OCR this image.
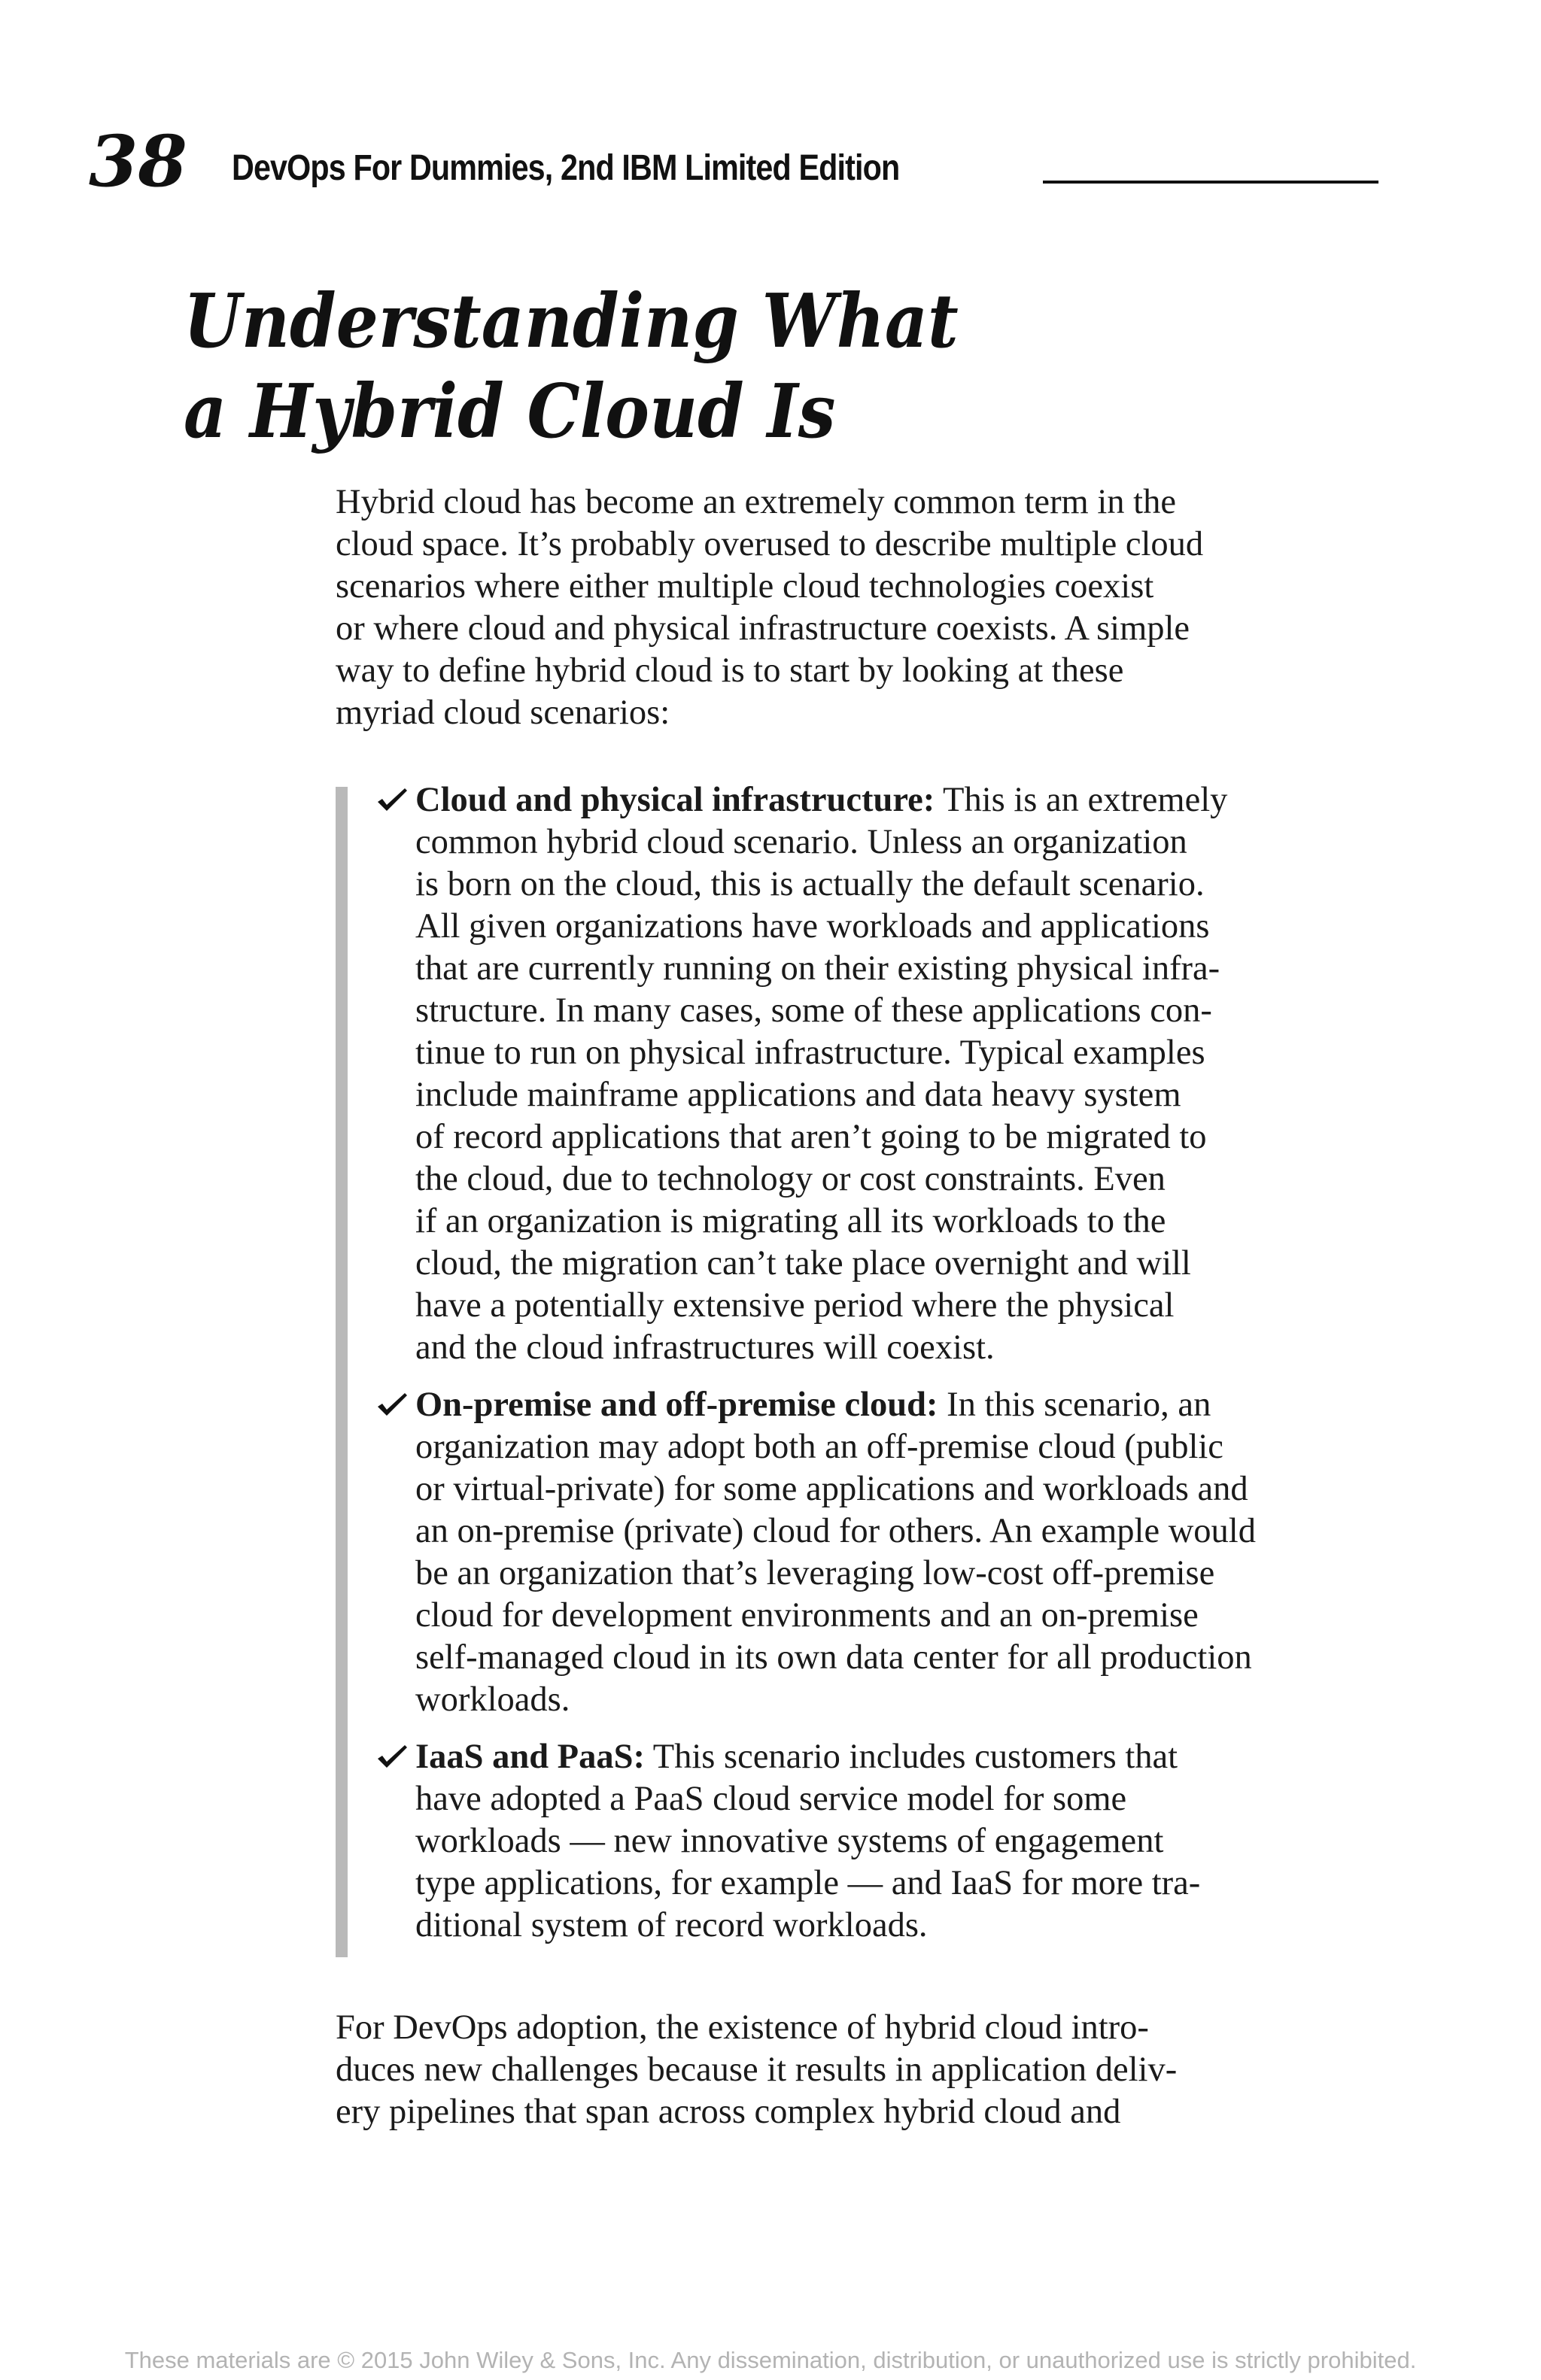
38 DevOps For Dummies, 2nd IBM Limited Edition
Understanding What
a Hybrid Cloud Is
Hybrid cloud has become an extremely common term in the
cloud space. It’s probably overused to describe multiple cloud
scenarios where either multiple cloud technologies coexist
or where cloud and physical infrastructure coexists. A simple
way to define hybrid cloud is to start by looking at these
myriad cloud scenarios:
Cloud and physical infrastructure: This is an extremely
common hybrid cloud scenario. Unless an organization
is born on the cloud, this is actually the default scenario.
All given organizations have workloads and applications
that are currently running on their existing physical infra-
structure. In many cases, some of these applications con-
tinue to run on physical infrastructure. Typical examples
include mainframe applications and data heavy system
of record applications that aren’t going to be migrated to
the cloud, due to technology or cost constraints. Even
if an organization is migrating all its workloads to the
cloud, the migration can’t take place overnight and will
have a potentially extensive period where the physical
and the cloud infrastructures will coexist.
On-premise and off-premise cloud: In this scenario, an
organization may adopt both an off-premise cloud (public
or virtual-private) for some applications and workloads and
an on-premise (private) cloud for others. An example would
be an organization that’s leveraging low-cost off-premise
cloud for development environments and an on-premise
self-managed cloud in its own data center for all production
workloads.
IaaS and PaaS: This scenario includes customers that
have adopted a PaaS cloud service model for some
workloads — new innovative systems of engagement
type applications, for example — and IaaS for more tra-
ditional system of record workloads.
For DevOps adoption, the existence of hybrid cloud intro-
duces new challenges because it results in application deliv-
ery pipelines that span across complex hybrid cloud and
These materials are © 2015 John Wiley & Sons, Inc. Any dissemination, distribution, or unauthorized use is strictly prohibited.
